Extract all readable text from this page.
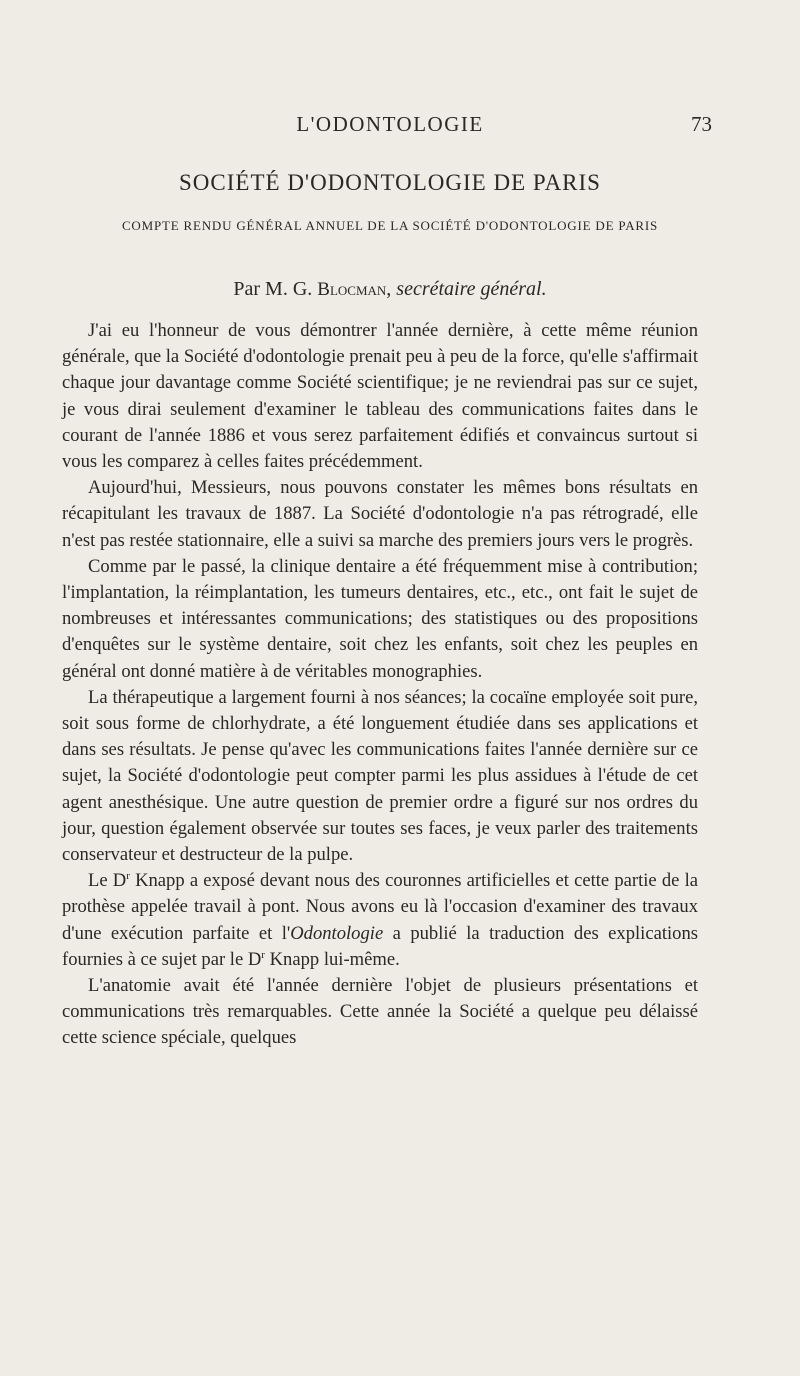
L'ODONTOLOGIE	73
SOCIÉTÉ D'ODONTOLOGIE DE PARIS
COMPTE RENDU GÉNÉRAL ANNUEL DE LA SOCIÉTÉ D'ODONTOLOGIE DE PARIS
Par M. G. Blocman, secrétaire général.

J'ai eu l'honneur de vous démontrer l'année dernière, à cette même réunion générale, que la Société d'odontologie prenait peu à peu de la force, qu'elle s'affirmait chaque jour davantage comme Société scientifique; je ne reviendrai pas sur ce sujet, je vous dirai seulement d'examiner le tableau des communications faites dans le courant de l'année 1886 et vous serez parfaitement édifiés et convaincus surtout si vous les comparez à celles faites précédemment.

Aujourd'hui, Messieurs, nous pouvons constater les mêmes bons résultats en récapitulant les travaux de 1887. La Société d'odontologie n'a pas rétrogradé, elle n'est pas restée stationnaire, elle a suivi sa marche des premiers jours vers le progrès.

Comme par le passé, la clinique dentaire a été fréquemment mise à contribution; l'implantation, la réimplantation, les tumeurs dentaires, etc., etc., ont fait le sujet de nombreuses et intéressantes communications; des statistiques ou des propositions d'enquêtes sur le système dentaire, soit chez les enfants, soit chez les peuples en général ont donné matière à de véritables monographies.

La thérapeutique a largement fourni à nos séances; la cocaïne employée soit pure, soit sous forme de chlorhydrate, a été longuement étudiée dans ses applications et dans ses résultats. Je pense qu'avec les communications faites l'année dernière sur ce sujet, la Société d'odontologie peut compter parmi les plus assidues à l'étude de cet agent anesthésique. Une autre question de premier ordre a figuré sur nos ordres du jour, question également observée sur toutes ses faces, je veux parler des traitements conservateur et destructeur de la pulpe.

Le $D^r$ Knapp a exposé devant nous des couronnes artificielles et cette partie de la prothèse appelée travail à pont. Nous avons eu là l'occasion d'examiner des travaux d'une exécution parfaite et l'Odontologie a publié la traduction des explications fournies à ce sujet par le $D^r$ Knapp lui-même.

L'anatomie avait été l'année dernière l'objet de plusieurs présentations et communications très remarquables. Cette année la Société a quelque peu délaissé cette science spéciale, quelques
